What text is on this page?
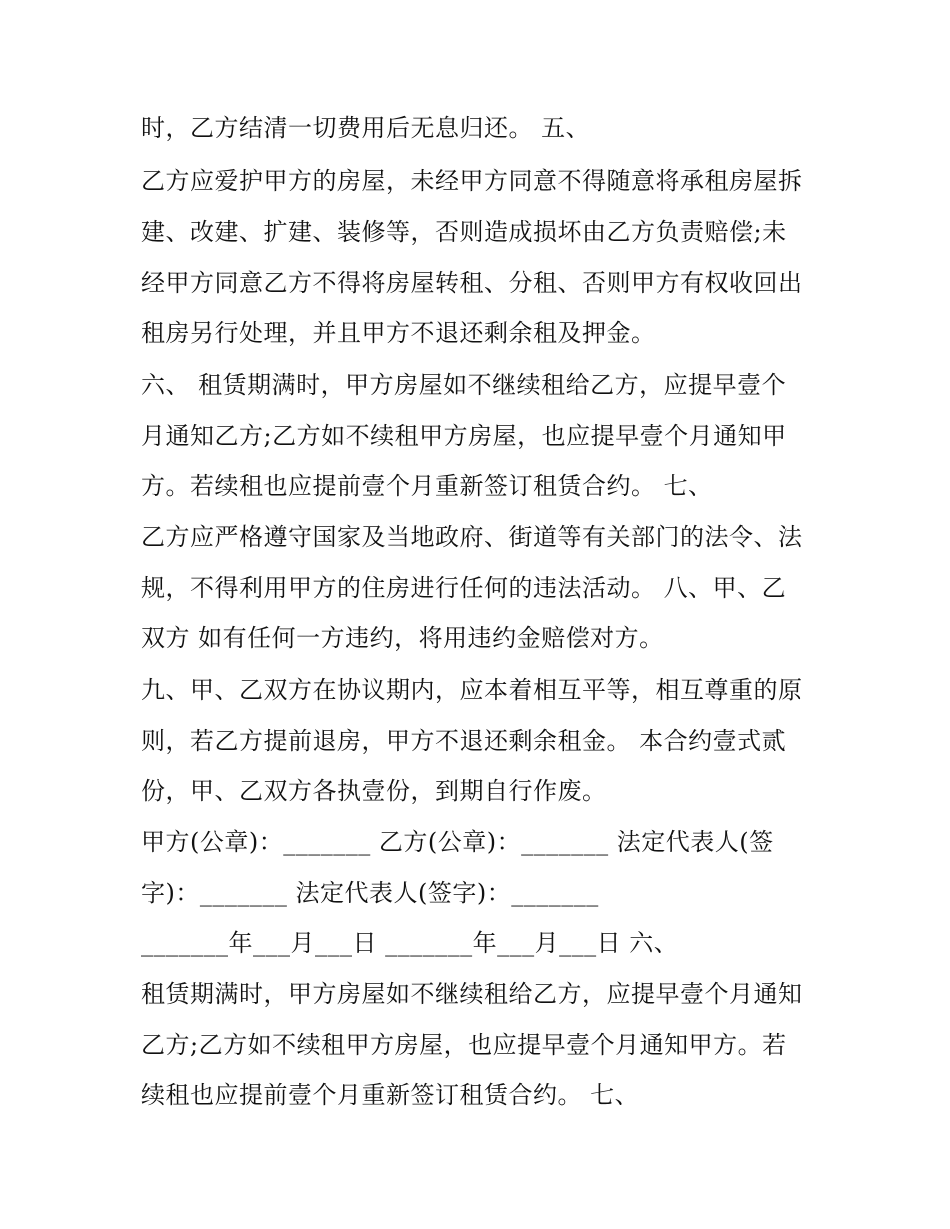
时，乙方结清一切费用后无息归还。 五、
乙方应爱护甲方的房屋，未经甲方同意不得随意将承租房屋拆
建、改建、扩建、装修等，否则造成损坏由乙方负责赔偿;未
经甲方同意乙方不得将房屋转租、分租、否则甲方有权收回出
租房另行处理，并且甲方不退还剩余租及押金。
六、 租赁期满时，甲方房屋如不继续租给乙方，应提早壹个
月通知乙方;乙方如不续租甲方房屋，也应提早壹个月通知甲
方。若续租也应提前壹个月重新签订租赁合约。 七、
乙方应严格遵守国家及当地政府、街道等有关部门的法令、法
规，不得利用甲方的住房进行任何的违法活动。 八、甲、乙
双方 如有任何一方违约，将用违约金赔偿对方。
九、甲、乙双方在协议期内，应本着相互平等，相互尊重的原
则，若乙方提前退房，甲方不退还剩余租金。 本合约壹式贰
份，甲、乙双方各执壹份，到期自行作废。
甲方(公章)：_______ 乙方(公章)：_______ 法定代表人(签
字)：_______ 法定代表人(签字)：_______
_______年___月___日 _______年___月___日 六、
租赁期满时，甲方房屋如不继续租给乙方，应提早壹个月通知
乙方;乙方如不续租甲方房屋，也应提早壹个月通知甲方。若
续租也应提前壹个月重新签订租赁合约。 七、
